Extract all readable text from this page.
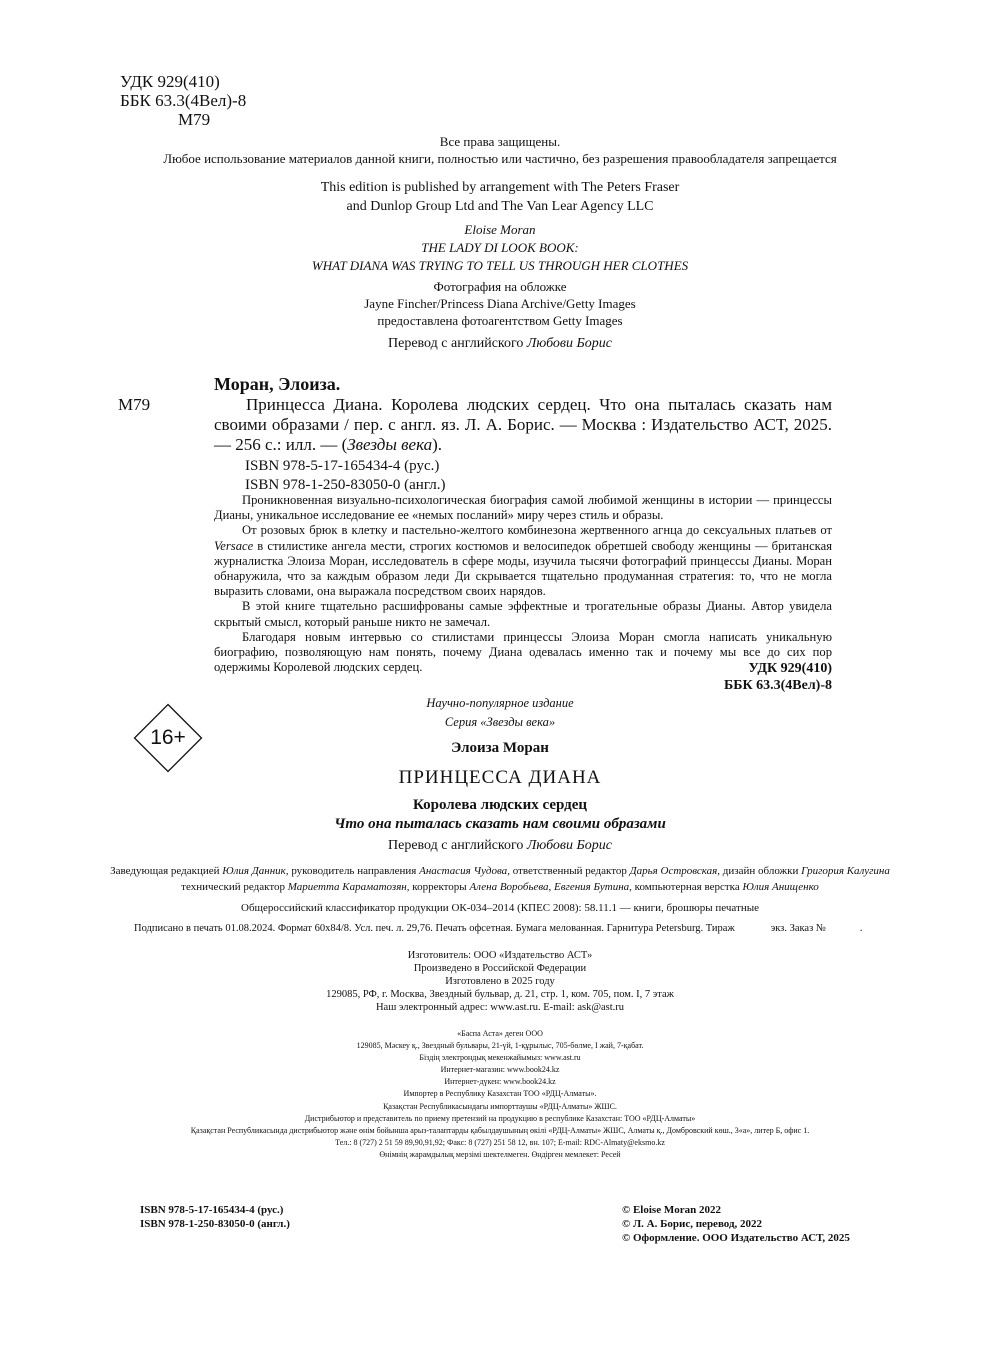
УДК 929(410)
ББК 63.3(4Вел)-8
М79
Все права защищены.
Любое использование материалов данной книги, полностью или частично, без разрешения правообладателя запрещается
This edition is published by arrangement with The Peters Fraser
and Dunlop Group Ltd and The Van Lear Agency LLC
Eloise Moran
THE LADY DI LOOK BOOK:
WHAT DIANA WAS TRYING TO TELL US THROUGH HER CLOTHES
Фотография на обложке
Jayne Fincher/Princess Diana Archive/Getty Images
предоставлена фотоагентством Getty Images
Перевод с английского Любови Борис
Моран, Элоиза.
М79	Принцесса Диана. Королева людских сердец. Что она пыталась сказать нам своими образами / пер. с англ. яз. Л. А. Борис. — Москва : Издательство АСТ, 2025. — 256 с.: илл. — (Звезды века).
ISBN 978-5-17-165434-4 (рус.)
ISBN 978-1-250-83050-0 (англ.)

Проникновенная визуально-психологическая биография самой любимой женщины в истории — принцессы Дианы, уникальное исследование ее «немых посланий» миру через стиль и образы.

От розовых брюк в клетку и пастельно-желтого комбинезона жертвенного агнца до сексуальных платьев от Versace в стилистике ангела мести, строгих костюмов и велосипедок обретшей свободу женщины — британская журналистка Элоиза Моран, исследователь в сфере моды, изучила тысячи фотографий принцессы Дианы. Моран обнаружила, что за каждым образом леди Ди скрывается тщательно продуманная стратегия: то, что не могла выразить словами, она выражала посредством своих нарядов.

В этой книге тщательно расшифрованы самые эффектные и трогательные образы Дианы. Автор увидела скрытый смысл, который раньше никто не замечал.

Благодаря новым интервью со стилистами принцессы Элоиза Моран смогла написать уникальную биографию, позволяющую нам понять, почему Диана одевалась именно так и почему мы все до сих пор одержимы Королевой людских сердец.	УДК 929(410)
ББК 63.3(4Вел)-8
16+
Научно-популярное издание
Серия «Звезды века»
Элоиза Моран
ПРИНЦЕССА ДИАНА
Королева людских сердец
Что она пыталась сказать нам своими образами
Перевод с английского Любови Борис
Заведующая редакцией Юлия Данник, руководитель направления Анастасия Чудова, ответственный редактор Дарья Островская, дизайн обложки Григория Калугина
технический редактор Мариетта Караматозян, корректоры Алена Воробьева, Евгения Бутина, компьютерная верстка Юлия Анищенко
Общероссийский классификатор продукции ОК-034–2014 (КПЕС 2008): 58.11.1 — книги, брошюры печатные
Подписано в печать 01.08.2024. Формат 60x84/8. Усл. печ. л. 29,76. Печать офсетная. Бумага мелованная. Гарнитура Petersburg. Тираж	экз. Заказ №	.
Изготовитель: ООО «Издательство АСТ»
Произведено в Российской Федерации
Изготовлено в 2025 году
129085, РФ, г. Москва, Звездный бульвар, д. 21, стр. 1, ком. 705, пом. I, 7 этаж
Наш электронный адрес: www.ast.ru. E-mail: ask@ast.ru
«Баспа Аста» деген ООО
129085, Мәскеу қ., Звездный бульвары, 21-үй, 1-құрылыс, 705-бөлме, I жай, 7-қабат.
Біздің электрондық мекенжайымыз: www.ast.ru
Интернет-магазин: www.book24.kz
Интернет-дүкен: www.book24.kz
Импортер в Республику Казахстан ТОО «РДЦ-Алматы».
Қазақстан Республикасындағы импорттаушы «РДЦ-Алматы» ЖШС.
Дистрибьютор и представитель по приему претензий на продукцию в республике Казахстан: ТОО «РДЦ-Алматы»
Қазақстан Республикасында дистрибьютор және өнім бойынша арыз-талаптарды қабылдаушының өкілі «РДЦ-Алматы» ЖШС, Алматы қ., Домбровский көш., 3«а», литер Б, офис 1.
Тел.: 8 (727) 2 51 59 89,90,91,92; Факс: 8 (727) 251 58 12, вн. 107; E-mail: RDC-Almaty@eksmo.kz
Өнімнің жарамдылық мерзімі шектелмеген. Өндірген мемлекет: Ресей
ISBN 978-5-17-165434-4 (рус.)
ISBN 978-1-250-83050-0 (англ.)
© Eloise Moran 2022
© Л. А. Борис, перевод, 2022
© Оформление. ООО Издательство АСТ, 2025
